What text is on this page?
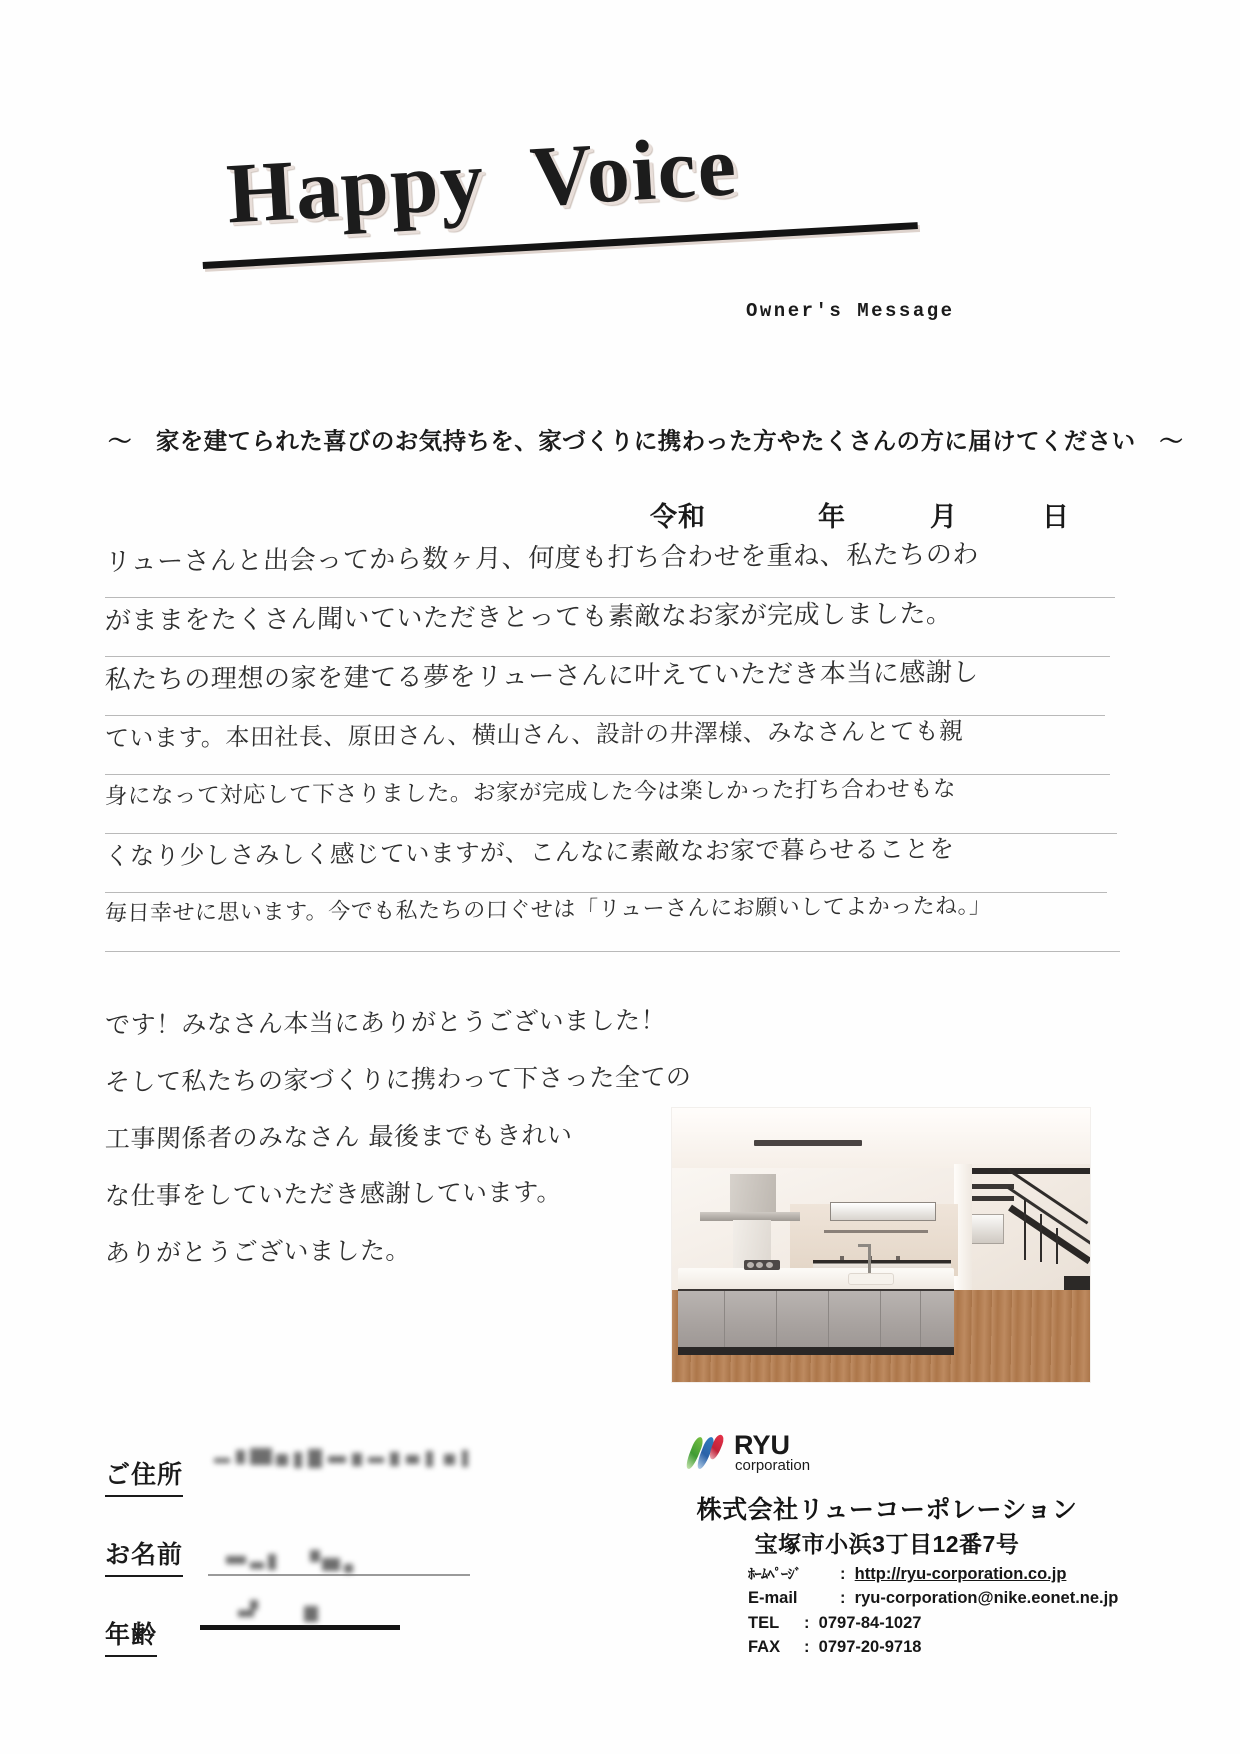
Happy  Voice
Owner's Message
～　家を建てられた喜びのお気持ちを、家づくりに携わった方やたくさんの方に届けてください　～
令和　　　　年　　　月　　　日
リューさんと出会ってから数ヶ月、何度も打ち合わせを重ね、私たちのわ
がままをたくさん聞いていただきとっても素敵なお家が完成しました。
私たちの理想の家を建てる夢をリューさんに叶えていただき本当に感謝し
ています。本田社長、原田さん、横山さん、設計の井澤様、みなさんとても親
身になって対応して下さりました。お家が完成した今は楽しかった打ち合わせもな
くなり少しさみしく感じていますが、こんなに素敵なお家で暮らせることを
毎日幸せに思います。今でも私たちの口ぐせは「リューさんにお願いしてよかったね。」
です！みなさん本当にありがとうございました！
そして私たちの家づくりに携わって下さった全ての
工事関係者のみなさん 最後までもきれい
な仕事をしていただき感謝しています。
ありがとうございました。
ご住所
お名前
年齢
RYU
corporation
株式会社リューコーポレーション
宝塚市小浜3丁目12番7号
ﾎｰﾑﾍﾟｰｼﾞ : http://ryu-corporation.co.jp
E-mail	: ryu-corporation@nike.eonet.ne.jp
TEL : 0797-84-1027
FAX : 0797-20-9718
